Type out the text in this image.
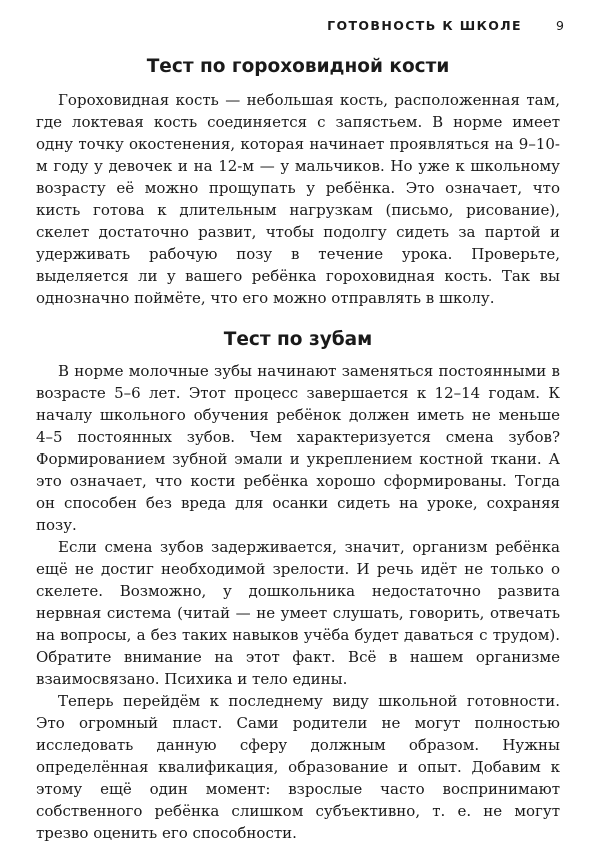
ГОТОВНОСТЬ К ШКОЛЕ	9
Тест по гороховидной кости

Гороховидная кость — небольшая кость, расположенная там, где локтевая кость соединяется с запястьем. В норме имеет одну точку окостенения, которая начинает проявляться на 9–10-м году у девочек и на 12-м — у мальчиков. Но уже к школьному возрасту её можно прощупать у ребёнка. Это означает, что кисть готова к длительным нагрузкам (письмо, рисование), скелет достаточно развит, чтобы подолгу сидеть за партой и удерживать рабочую позу в течение урока. Проверьте, выделяется ли у вашего ребёнка гороховидная кость. Так вы однозначно поймёте, что его можно отправлять в школу.

Тест по зубам

В норме молочные зубы начинают заменяться постоянными в возрасте 5–6 лет. Этот процесс завершается к 12–14 годам. К началу школьного обучения ребёнок должен иметь не меньше 4–5 постоянных зубов. Чем характеризуется смена зубов? Формированием зубной эмали и укреплением костной ткани. А это означает, что кости ребёнка хорошо сформированы. Тогда он способен без вреда для осанки сидеть на уроке, сохраняя позу.

Если смена зубов задерживается, значит, организм ребёнка ещё не достиг необходимой зрелости. И речь идёт не только о скелете. Возможно, у дошкольника недостаточно развита нервная система (читай — не умеет слушать, говорить, отвечать на вопросы, а без таких навыков учёба будет даваться с трудом). Обратите внимание на этот факт. Всё в нашем организме взаимосвязано. Психика и тело едины.

Теперь перейдём к последнему виду школьной готовности. Это огромный пласт. Сами родители не могут полностью исследовать данную сферу должным образом. Нужны определённая квалификация, образование и опыт. Добавим к этому ещё один момент: взрослые часто воспринимают собственного ребёнка слишком субъективно, т. е. не могут трезво оценить его способности.
